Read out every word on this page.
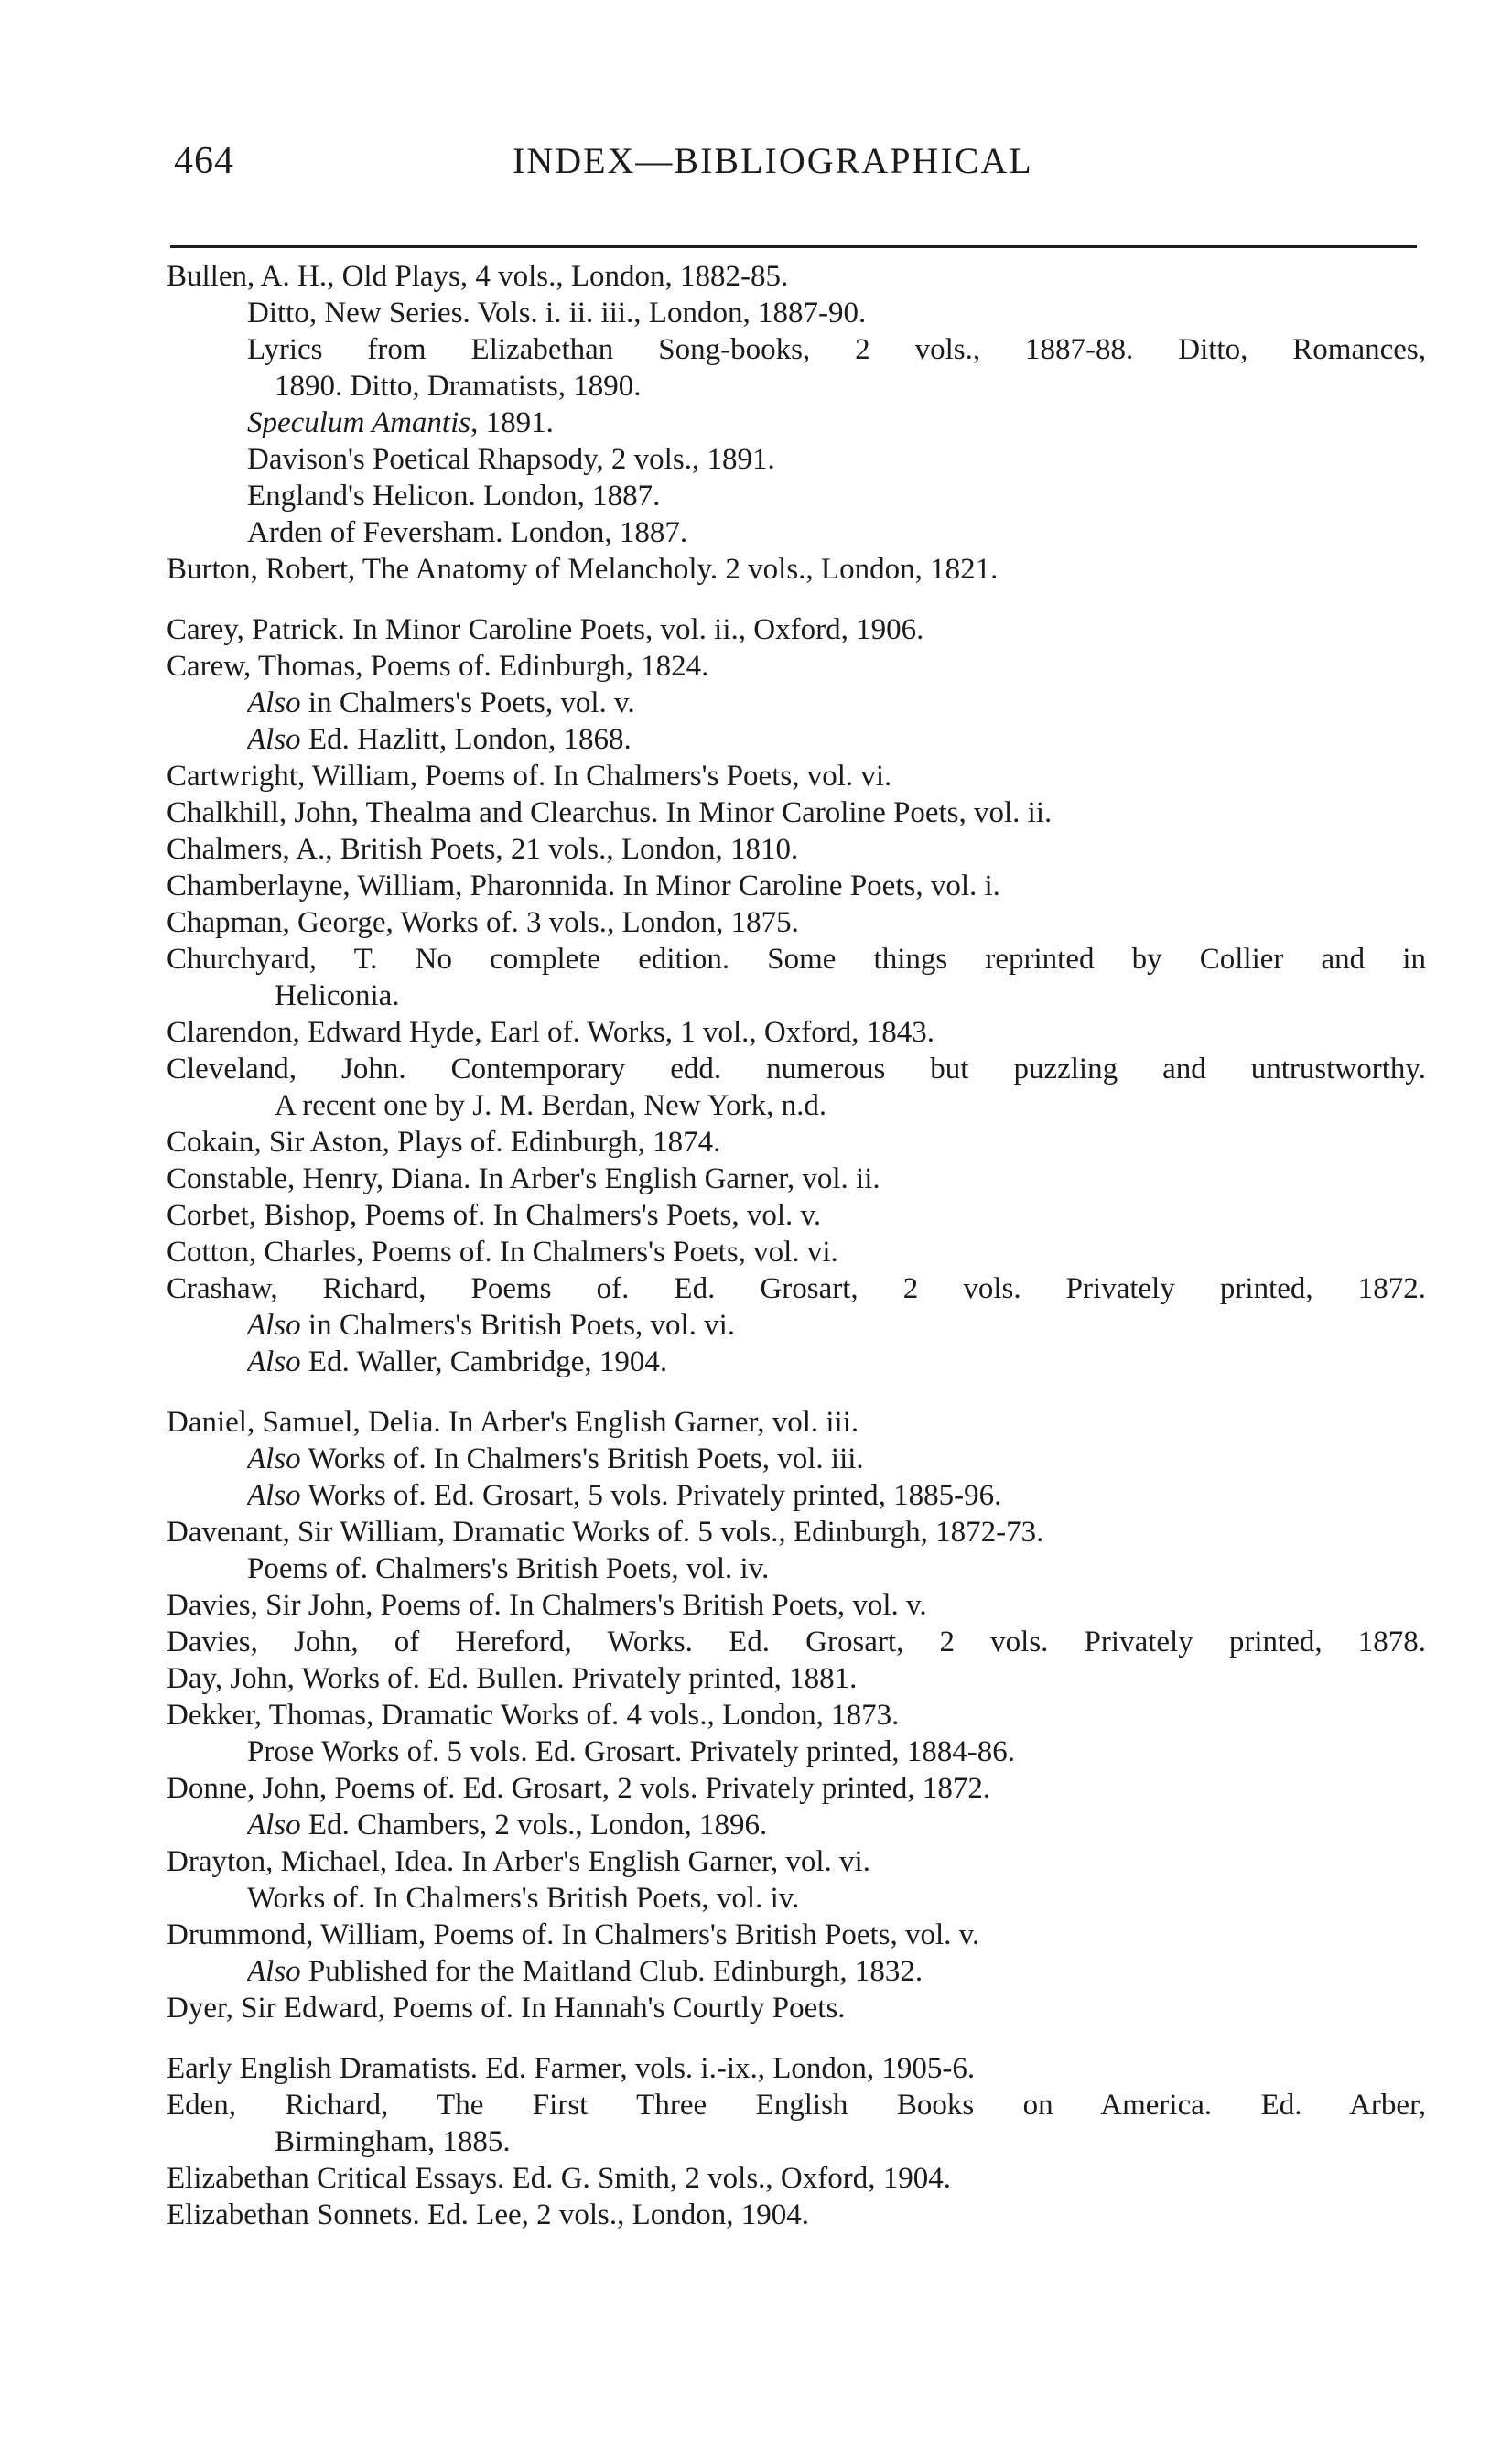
464	INDEX—BIBLIOGRAPHICAL
Bullen, A. H., Old Plays, 4 vols., London, 1882-85.
Ditto, New Series. Vols. i. ii. iii., London, 1887-90.
Lyrics from Elizabethan Song-books, 2 vols., 1887-88. Ditto, Romances,
1890. Ditto, Dramatists, 1890.
Speculum Amantis, 1891.
Davison's Poetical Rhapsody, 2 vols., 1891.
England's Helicon. London, 1887.
Arden of Feversham. London, 1887.
Burton, Robert, The Anatomy of Melancholy. 2 vols., London, 1821.
Carey, Patrick. In Minor Caroline Poets, vol. ii., Oxford, 1906.
Carew, Thomas, Poems of. Edinburgh, 1824.
Also in Chalmers's Poets, vol. v.
Also Ed. Hazlitt, London, 1868.
Cartwright, William, Poems of. In Chalmers's Poets, vol. vi.
Chalkhill, John, Thealma and Clearchus. In Minor Caroline Poets, vol. ii.
Chalmers, A., British Poets, 21 vols., London, 1810.
Chamberlayne, William, Pharonnida. In Minor Caroline Poets, vol. i.
Chapman, George, Works of. 3 vols., London, 1875.
Churchyard, T. No complete edition. Some things reprinted by Collier and in
Heliconia.
Clarendon, Edward Hyde, Earl of. Works, 1 vol., Oxford, 1843.
Cleveland, John. Contemporary edd. numerous but puzzling and untrustworthy.
A recent one by J. M. Berdan, New York, n.d.
Cokain, Sir Aston, Plays of. Edinburgh, 1874.
Constable, Henry, Diana. In Arber's English Garner, vol. ii.
Corbet, Bishop, Poems of. In Chalmers's Poets, vol. v.
Cotton, Charles, Poems of. In Chalmers's Poets, vol. vi.
Crashaw, Richard, Poems of. Ed. Grosart, 2 vols. Privately printed, 1872.
Also in Chalmers's British Poets, vol. vi.
Also Ed. Waller, Cambridge, 1904.
Daniel, Samuel, Delia. In Arber's English Garner, vol. iii.
Also Works of. In Chalmers's British Poets, vol. iii.
Also Works of. Ed. Grosart, 5 vols. Privately printed, 1885-96.
Davenant, Sir William, Dramatic Works of. 5 vols., Edinburgh, 1872-73.
Poems of. Chalmers's British Poets, vol. iv.
Davies, Sir John, Poems of. In Chalmers's British Poets, vol. v.
Davies, John, of Hereford, Works. Ed. Grosart, 2 vols. Privately printed, 1878.
Day, John, Works of. Ed. Bullen. Privately printed, 1881.
Dekker, Thomas, Dramatic Works of. 4 vols., London, 1873.
Prose Works of. 5 vols. Ed. Grosart. Privately printed, 1884-86.
Donne, John, Poems of. Ed. Grosart, 2 vols. Privately printed, 1872.
Also Ed. Chambers, 2 vols., London, 1896.
Drayton, Michael, Idea. In Arber's English Garner, vol. vi.
Works of. In Chalmers's British Poets, vol. iv.
Drummond, William, Poems of. In Chalmers's British Poets, vol. v.
Also Published for the Maitland Club. Edinburgh, 1832.
Dyer, Sir Edward, Poems of. In Hannah's Courtly Poets.
Early English Dramatists. Ed. Farmer, vols. i.-ix., London, 1905-6.
Eden, Richard, The First Three English Books on America. Ed. Arber,
Birmingham, 1885.
Elizabethan Critical Essays. Ed. G. Smith, 2 vols., Oxford, 1904.
Elizabethan Sonnets. Ed. Lee, 2 vols., London, 1904.
